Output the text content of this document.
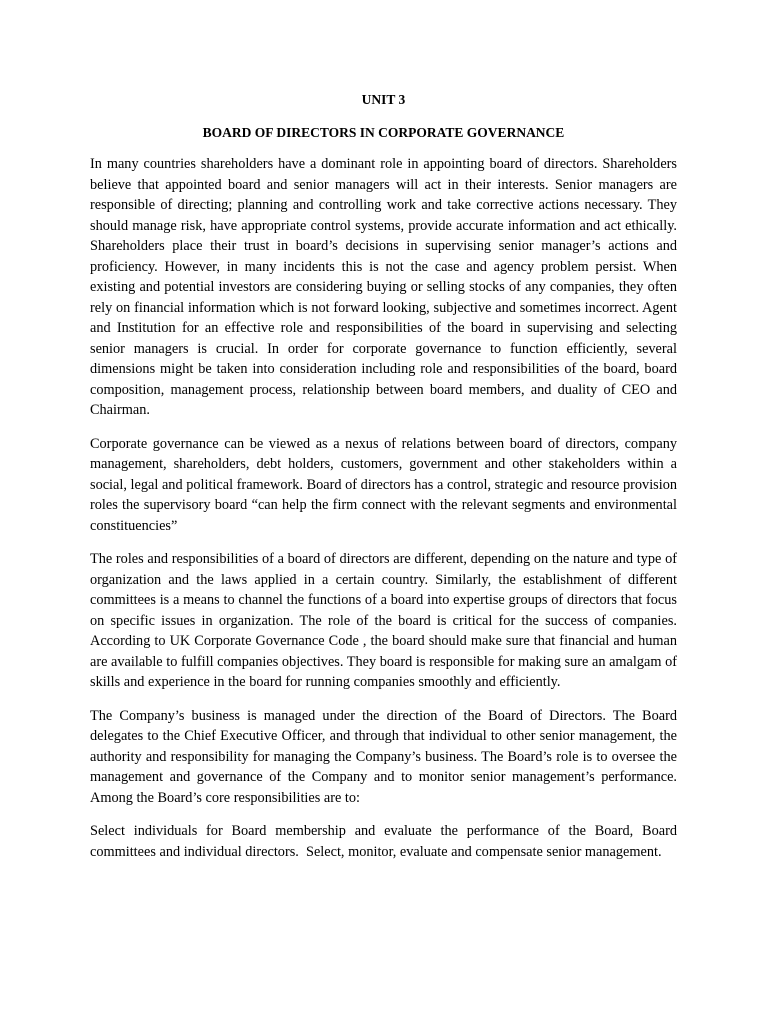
UNIT 3
BOARD OF DIRECTORS IN CORPORATE GOVERNANCE

In many countries shareholders have a dominant role in appointing board of directors. Shareholders believe that appointed board and senior managers will act in their interests. Senior managers are responsible of directing; planning and controlling work and take corrective actions necessary. They should manage risk, have appropriate control systems, provide accurate information and act ethically. Shareholders place their trust in board’s decisions in supervising senior manager’s actions and proficiency. However, in many incidents this is not the case and agency problem persist. When existing and potential investors are considering buying or selling stocks of any companies, they often rely on financial information which is not forward looking, subjective and sometimes incorrect. Agent and Institution for an effective role and responsibilities of the board in supervising and selecting senior managers is crucial. In order for corporate governance to function efficiently, several dimensions might be taken into consideration including role and responsibilities of the board, board composition, management process, relationship between board members, and duality of CEO and Chairman.

Corporate governance can be viewed as a nexus of relations between board of directors, company management, shareholders, debt holders, customers, government and other stakeholders within a social, legal and political framework. Board of directors has a control, strategic and resource provision roles the supervisory board “can help the firm connect with the relevant segments and environmental constituencies”

The roles and responsibilities of a board of directors are different, depending on the nature and type of organization and the laws applied in a certain country. Similarly, the establishment of different committees is a means to channel the functions of a board into expertise groups of directors that focus on specific issues in organization. The role of the board is critical for the success of companies. According to UK Corporate Governance Code , the board should make sure that financial and human are available to fulfill companies objectives. They board is responsible for making sure an amalgam of skills and experience in the board for running companies smoothly and efficiently.

The Company’s business is managed under the direction of the Board of Directors. The Board delegates to the Chief Executive Officer, and through that individual to other senior management, the authority and responsibility for managing the Company’s business. The Board’s role is to oversee the management and governance of the Company and to monitor senior management’s performance. Among the Board’s core responsibilities are to:

Select individuals for Board membership and evaluate the performance of the Board, Board committees and individual directors.  Select, monitor, evaluate and compensate senior management.
